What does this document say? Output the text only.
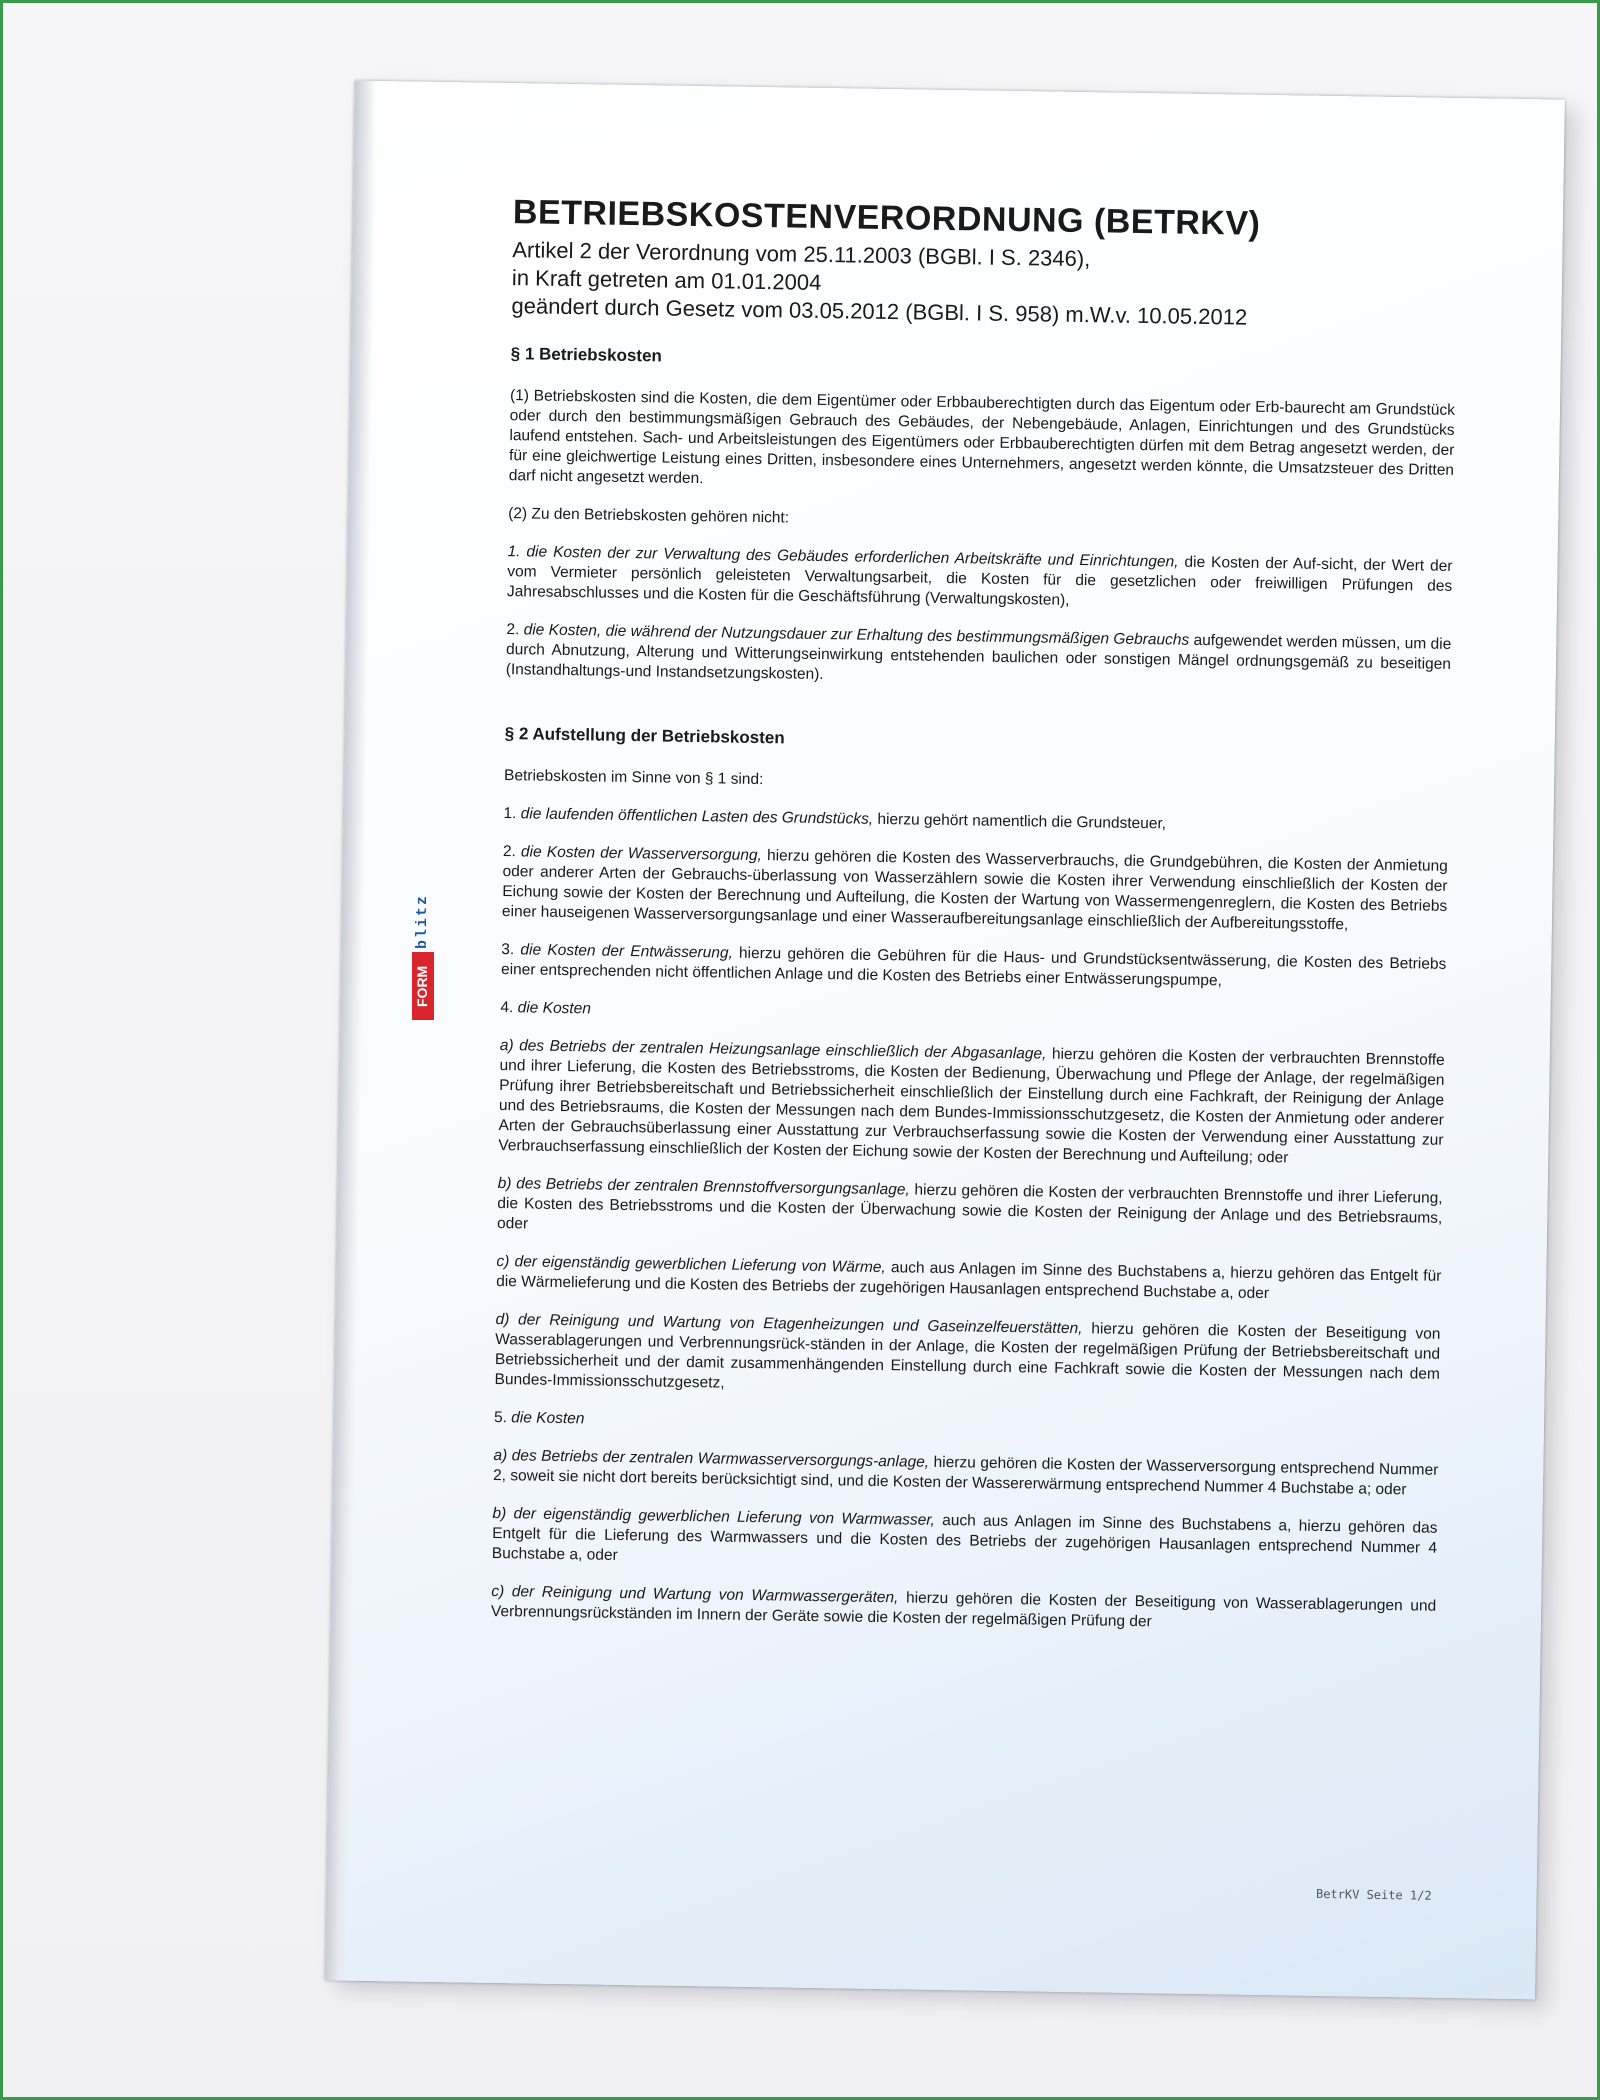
BETRIEBSKOSTENVERORDNUNG (BETRKV)
Artikel 2 der Verordnung vom 25.11.2003 (BGBl. I S. 2346),
in Kraft getreten am 01.01.2004
geändert durch Gesetz vom 03.05.2012 (BGBl. I S. 958) m.W.v. 10.05.2012
§ 1 Betriebskosten

(1) Betriebskosten sind die Kosten, die dem Eigentümer oder Erbbauberechtigten durch das Eigentum oder Erb-baurecht am Grundstück oder durch den bestimmungsmäßigen Gebrauch des Gebäudes, der Nebengebäude, Anlagen, Einrichtungen und des Grundstücks laufend entstehen. Sach- und Arbeitsleistungen des Eigentümers oder Erbbauberechtigten dürfen mit dem Betrag angesetzt werden, der für eine gleichwertige Leistung eines Dritten, insbesondere eines Unternehmers, angesetzt werden könnte, die Umsatzsteuer des Dritten darf nicht angesetzt werden.

(2) Zu den Betriebskosten gehören nicht:

1. die Kosten der zur Verwaltung des Gebäudes erforderlichen Arbeitskräfte und Einrichtungen, die Kosten der Auf-sicht, der Wert der vom Vermieter persönlich geleisteten Verwaltungsarbeit, die Kosten für die gesetzlichen oder freiwilligen Prüfungen des Jahresabschlusses und die Kosten für die Geschäftsführung (Verwaltungskosten),

2. die Kosten, die während der Nutzungsdauer zur Erhaltung des bestimmungsmäßigen Gebrauchs aufgewendet werden müssen, um die durch Abnutzung, Alterung und Witterungseinwirkung entstehenden baulichen oder sonstigen Mängel ordnungsgemäß zu beseitigen (Instandhaltungs-und Instandsetzungskosten).

§ 2 Aufstellung der Betriebskosten

Betriebskosten im Sinne von § 1 sind:

1. die laufenden öffentlichen Lasten des Grundstücks, hierzu gehört namentlich die Grundsteuer,

2. die Kosten der Wasserversorgung, hierzu gehören die Kosten des Wasserverbrauchs, die Grundgebühren, die Kosten der Anmietung oder anderer Arten der Gebrauchs-überlassung von Wasserzählern sowie die Kosten ihrer Verwendung einschließlich der Kosten der Eichung sowie der Kosten der Berechnung und Aufteilung, die Kosten der Wartung von Wassermengenreglern, die Kosten des Betriebs einer hauseigenen Wasserversorgungsanlage und einer Wasseraufbereitungsanlage einschließlich der Aufbereitungsstoffe,

3. die Kosten der Entwässerung, hierzu gehören die Gebühren für die Haus- und Grundstücksentwässerung, die Kosten des Betriebs einer entsprechenden nicht öffentlichen Anlage und die Kosten des Betriebs einer Entwässerungspumpe,

4. die Kosten

a) des Betriebs der zentralen Heizungsanlage einschließlich der Abgasanlage, hierzu gehören die Kosten der verbrauchten Brennstoffe und ihrer Lieferung, die Kosten des Betriebsstroms, die Kosten der Bedienung, Überwachung und Pflege der Anlage, der regelmäßigen Prüfung ihrer Betriebsbereitschaft und Betriebssicherheit einschließlich der Einstellung durch eine Fachkraft, der Reinigung der Anlage und des Betriebsraums, die Kosten der Messungen nach dem Bundes-Immissionsschutzgesetz, die Kosten der Anmietung oder anderer Arten der Gebrauchsüberlassung einer Ausstattung zur Verbrauchserfassung sowie die Kosten der Verwendung einer Ausstattung zur Verbrauchserfassung einschließlich der Kosten der Eichung sowie der Kosten der Berechnung und Aufteilung; oder

b) des Betriebs der zentralen Brennstoffversorgungsanlage, hierzu gehören die Kosten der verbrauchten Brennstoffe und ihrer Lieferung, die Kosten des Betriebsstroms und die Kosten der Überwachung sowie die Kosten der Reinigung der Anlage und des Betriebsraums, oder

c) der eigenständig gewerblichen Lieferung von Wärme, auch aus Anlagen im Sinne des Buchstabens a, hierzu gehören das Entgelt für die Wärmelieferung und die Kosten des Betriebs der zugehörigen Hausanlagen entsprechend Buchstabe a, oder

d) der Reinigung und Wartung von Etagenheizungen und Gaseinzelfeuerstätten, hierzu gehören die Kosten der Beseitigung von Wasserablagerungen und Verbrennungsrück-ständen in der Anlage, die Kosten der regelmäßigen Prüfung der Betriebsbereitschaft und Betriebssicherheit und der damit zusammenhängenden Einstellung durch eine Fachkraft sowie die Kosten der Messungen nach dem Bundes-Immissionsschutzgesetz,

5. die Kosten

a) des Betriebs der zentralen Warmwasserversorgungs-anlage, hierzu gehören die Kosten der Wasserversorgung entsprechend Nummer 2, soweit sie nicht dort bereits berücksichtigt sind, und die Kosten der Wassererwärmung entsprechend Nummer 4 Buchstabe a; oder

b) der eigenständig gewerblichen Lieferung von Warmwasser, auch aus Anlagen im Sinne des Buchstabens a, hierzu gehören das Entgelt für die Lieferung des Warmwassers und die Kosten des Betriebs der zugehörigen Hausanlagen entsprechend Nummer 4 Buchstabe a, oder

c) der Reinigung und Wartung von Warmwassergeräten, hierzu gehören die Kosten der Beseitigung von Wasserablagerungen und Verbrennungsrückständen im Innern der Geräte sowie die Kosten der regelmäßigen Prüfung der

BetrKV Seite 1/2
FORM
blitz
